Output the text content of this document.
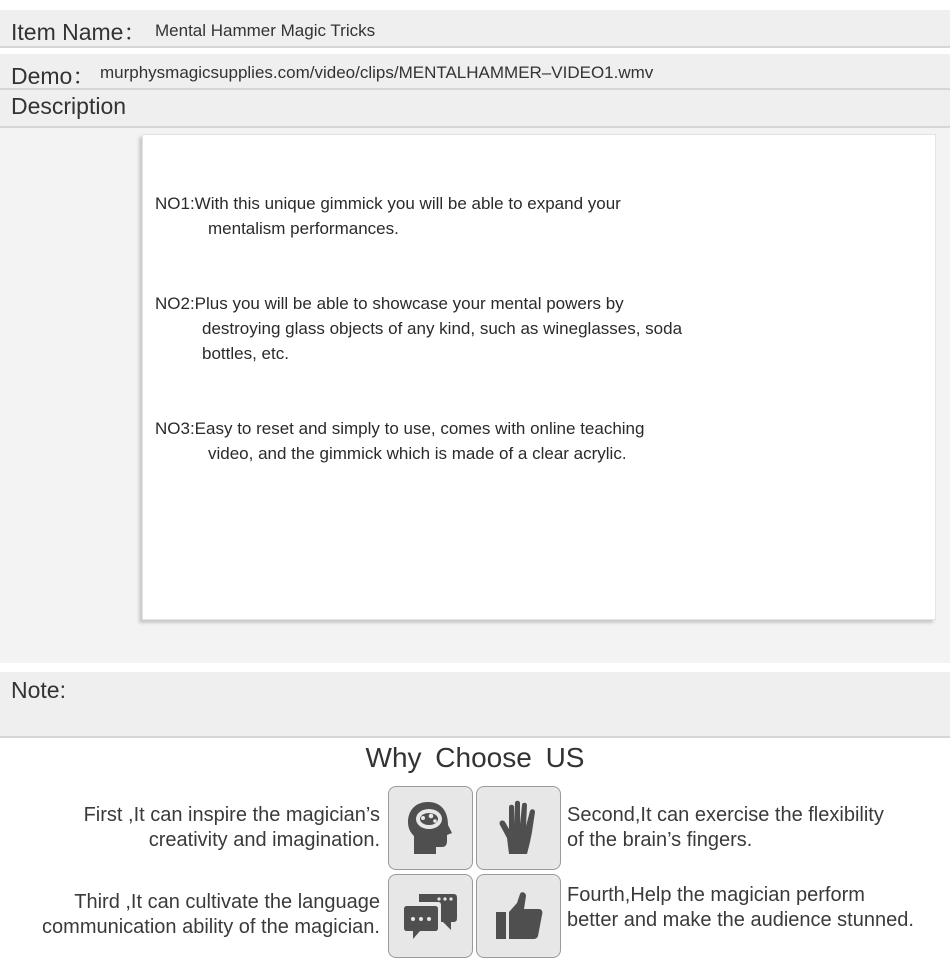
Item Name： Mental Hammer Magic Tricks
Demo： murphysmagicsupplies.com/video/clips/MENTALHAMMER–VIDEO1.wmv
Description
NO1:With this unique gimmick you will be able to expand your
mentalism performances.
NO2:Plus you will be able to showcase your mental powers by
destroying glass objects of any kind, such as wineglasses, soda
bottles, etc.
NO3:Easy to reset and simply to use, comes with online teaching
video, and the gimmick which is made of a clear acrylic.
Note:
Why Choose US
First ,It can inspire the magician’s
creativity and imagination.
Second,It can exercise the flexibility
of the brain’s fingers.
Third ,It can cultivate the language
communication ability of the magician.
Fourth,Help the magician perform
better and make the audience stunned.
